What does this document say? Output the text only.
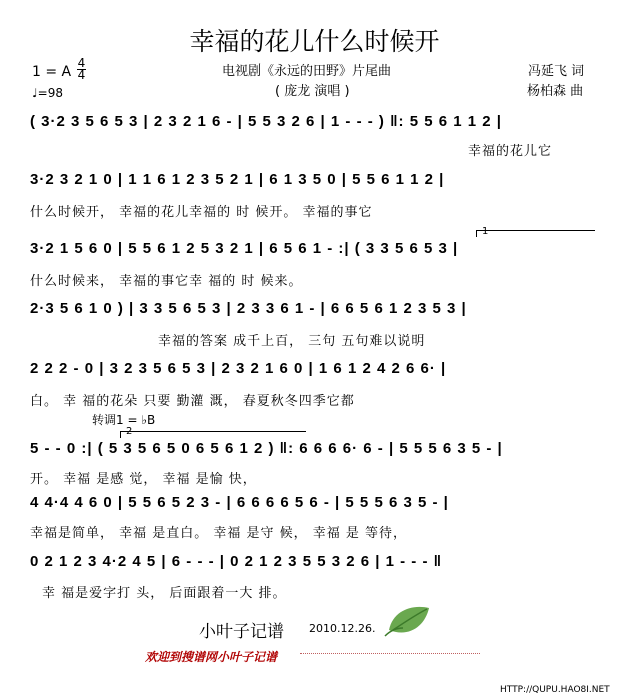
幸福的花儿什么时候开
1 = A
4
4
♩=98
电视剧《永远的田野》片尾曲
( 庞龙 演唱 )
冯延飞 词
杨柏森 曲
( 3·2 3 5 6 5 3 | 2 3 2 1 6 - | 5 5 3 2 6 | 1 - - - ) ‖: 5 5 6 1 1 2 |
幸福的花儿它
3·2 3 2 1 0 | 1 1 6 1 2 3 5 2 1 | 6 1 3 5 0 | 5 5 6 1 1 2 |
什么时候开， 幸福的花儿幸福的 时 候开。 幸福的事它
1
3·2 1 5 6 0 | 5 5 6 1 2 5 3 2 1 | 6 5 6 1 - :| ( 3 3 5 6 5 3 |
什么时候来， 幸福的事它幸 福的 时 候来。
2·3 5 6 1 0 ) | 3 3 5 6 5 3 | 2 3 3 6 1 - | 6 6 5 6 1 2 3 5 3 |
幸福的答案 成千上百， 三句 五句难以说明
2 2 2 - 0 | 3 2 3 5 6 5 3 | 2 3 2 1 6 0 | 1 6 1 2 4 2 6 6· |
白。 幸 福的花朵 只要 勤灌 溉， 春夏秋冬四季它都
转调1 = ♭B
2
5 - - 0 :| ( 5 3 5 6 5 0 6 5 6 1 2 ) ‖: 6 6 6 6· 6 - | 5 5 5 6 3 5 - |
开。 幸福 是感 觉， 幸福 是愉 快，
4 4·4 4 6 0 | 5 5 6 5 2 3 - | 6 6 6 6 5 6 - | 5 5 5 6 3 5 - |
幸福是简单， 幸福 是直白。 幸福 是守 候， 幸福 是 等待，
0 2 1 2 3 4·2 4 5 | 6 - - - | 0 2 1 2 3 5 5 3 2 6 | 1 - - - ‖
幸 福是爱字打 头， 后面跟着一大 排。
小叶子记谱 2010.12.26.
欢迎到搜谱网小叶子记谱
HTTP://QUPU.HAO8I.NET
